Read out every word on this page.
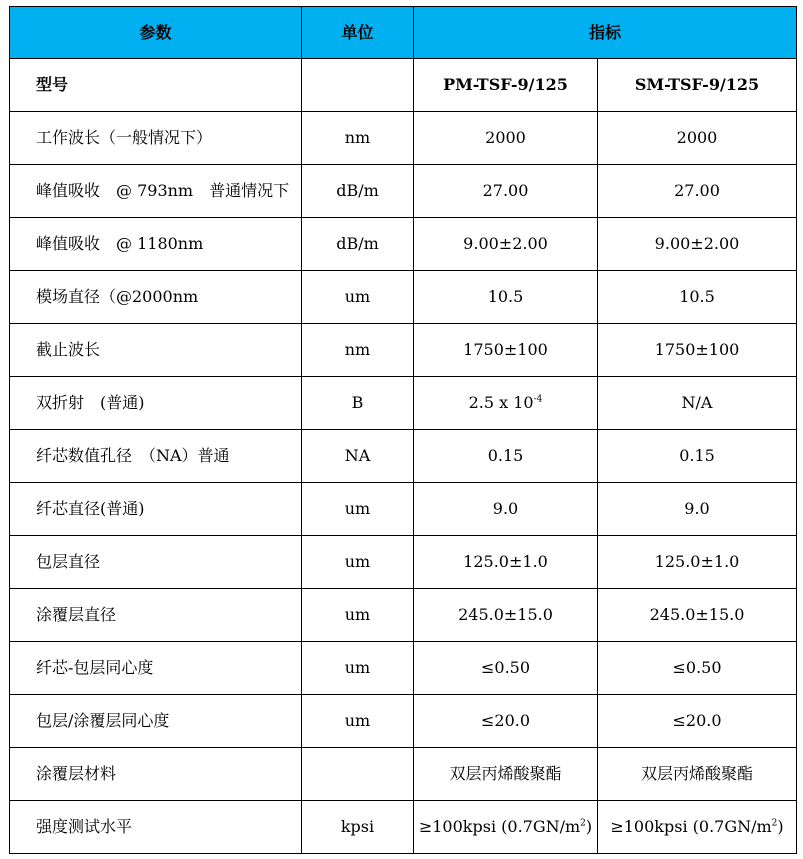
参数	单位	指标	
型号		PM-TSF-9/125	SM-TSF-9/125
工作波长（一般情况下）	nm	2000	2000
峰值吸收　@ 793nm　普通情况下	dB/m	27.00	27.00
峰值吸收　@ 1180nm	dB/m	9.00±2.00	9.00±2.00
模场直径（@2000nm	um	10.5	10.5
截止波长	nm	1750±100	1750±100
双折射　(普通)	B	2.5 x $10^{-4}$	N/A
纤芯数值孔径　（NA）普通	NA	0.15	0.15
纤芯直径(普通)	um	9.0	9.0
包层直径	um	125.0±1.0	125.0±1.0
涂覆层直径	um	245.0±15.0	245.0±15.0
纤芯-包层同心度	um	≤0.50	≤0.50
包层/涂覆层同心度	um	≤20.0	≤20.0
涂覆层材料		双层丙烯酸聚酯	双层丙烯酸聚酯
强度测试水平	kpsi	≥100kpsi $(0.7GN/m^2)$	≥100kpsi $(0.7GN/m^2)$
